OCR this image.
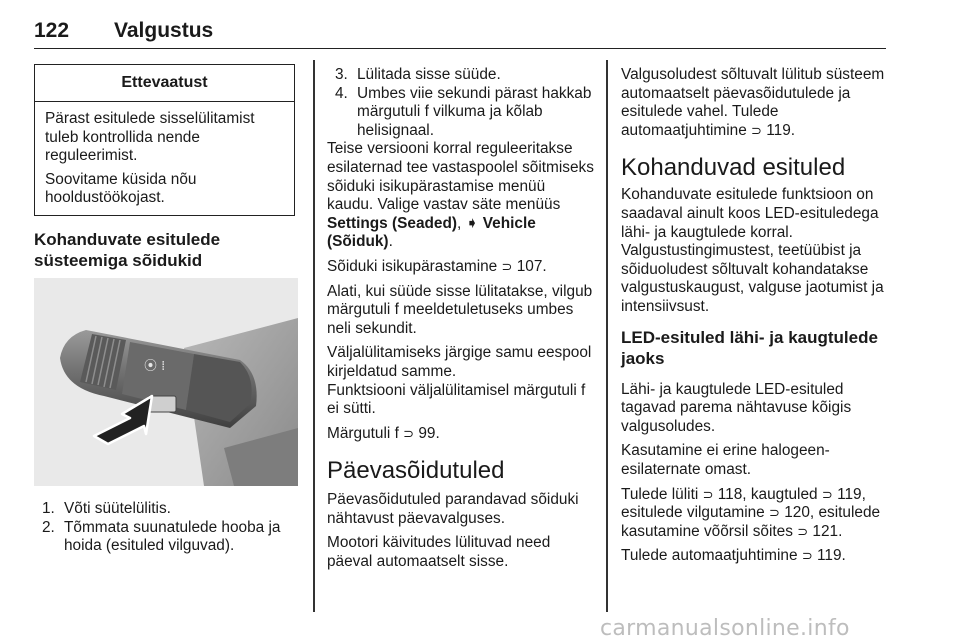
122 Valgustus
Ettevaatust

Pärast esitulede sisselülitamist tuleb kontrollida nende reguleerimist.

Soovitame küsida nõu hooldustöökojast.

Kohanduvate esitulede süsteemiga sõidukid

⦿ ⁞
1. Võti süütelülitis.
2. Tõmmata suunatulede hooba ja hoida (esituled vilguvad).
3. Lülitada sisse süüde.
4. Umbes viie sekundi pärast hakkab märgutuli f vilkuma ja kõlab helisignaal.

Teise versiooni korral reguleeritakse esilaternad tee vastaspoolel sõitmiseks sõiduki isikupärastamise menüü kaudu. Valige vastav säte menüüs Settings (Seaded), ➧ Vehicle (Sõiduk).

Sõiduki isikupärastamine ⊃ 107.

Alati, kui süüde sisse lülitatakse, vilgub märgutuli f meeldetuletuseks umbes neli sekundit.

Väljalülitamiseks järgige samu eespool kirjeldatud samme.

Funktsiooni väljalülitamisel märgutuli f ei sütti.

Märgutuli f ⊃ 99.

Päevasõidutuled

Päevasõidutuled parandavad sõiduki nähtavust päevavalguses.

Mootori käivitudes lülituvad need päeval automaatselt sisse.

Valgusoludest sõltuvalt lülitub süsteem automaatselt päevasõidutulede ja esitulede vahel. Tulede automaatjuhtimine ⊃ 119.

Kohanduvad esituled

Kohanduvate esitulede funktsioon on saadaval ainult koos LED-esituledega lähi- ja kaugtulede korral. Valgustustingimustest, teetüübist ja sõiduoludest sõltuvalt kohandatakse valgustuskaugust, valguse jaotumist ja intensiivsust.

LED-esituled lähi- ja kaugtulede jaoks

Lähi- ja kaugtulede LED-esituled tagavad parema nähtavuse kõigis valgusoludes.

Kasutamine ei erine halogeen-esilaternate omast.

Tulede lüliti ⊃ 118, kaugtuled ⊃ 119, esitulede vilgutamine ⊃ 120, esitulede kasutamine võõrsil sõites ⊃ 121.

Tulede automaatjuhtimine ⊃ 119.

carmanualsonline.info
